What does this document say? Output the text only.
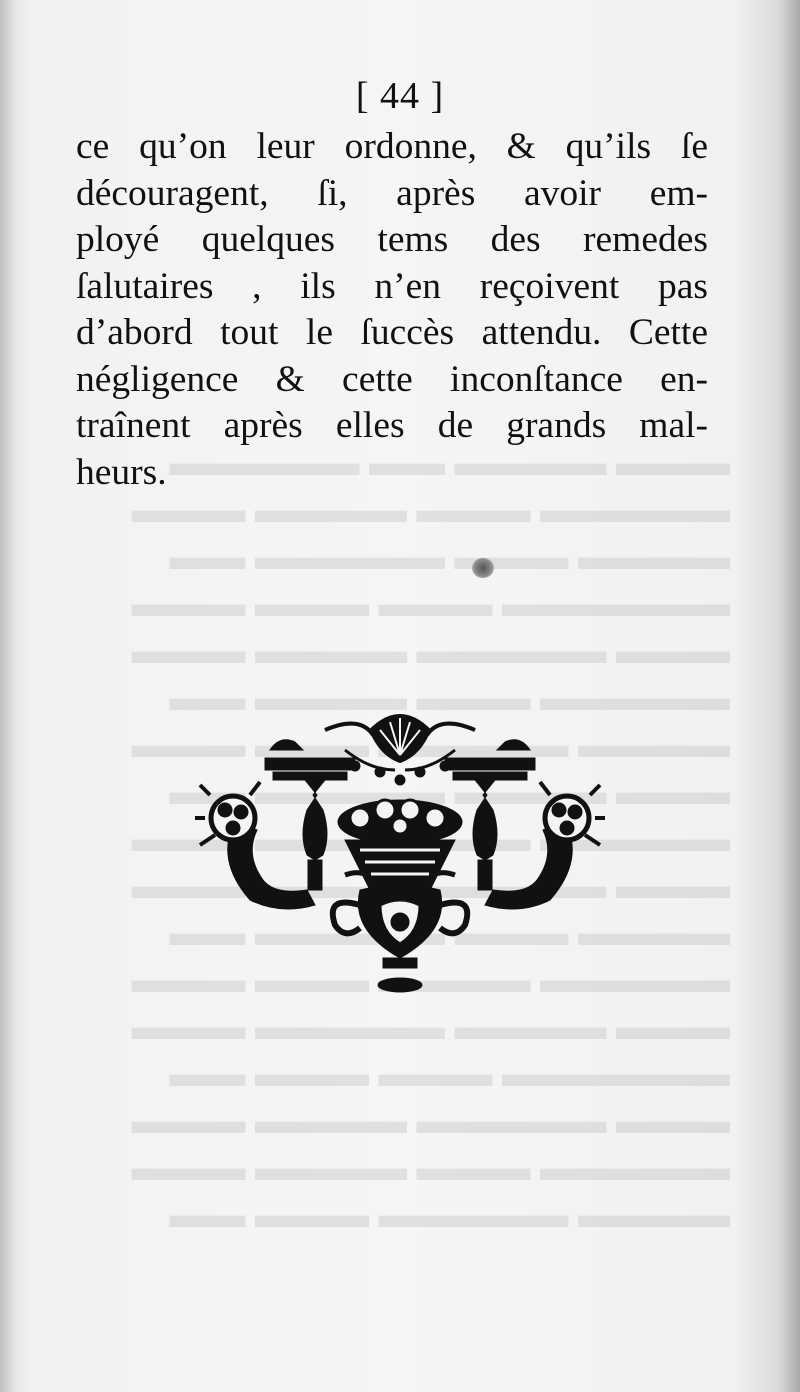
▬▬▬ ▬▬▬▬ ▬▬ ▬▬▬▬▬
▬▬▬▬▬ ▬▬▬ ▬▬▬▬ ▬▬▬
▬▬▬▬ ▬▬▬ ▬▬▬▬▬ ▬▬
▬▬▬▬▬▬ ▬▬▬ ▬▬▬ ▬▬▬
▬▬▬ ▬▬▬▬▬ ▬▬▬▬ ▬▬▬
▬▬▬▬▬ ▬▬▬ ▬▬▬▬ ▬▬
▬▬▬▬ ▬▬▬▬▬ ▬▬▬ ▬▬▬
▬▬▬ ▬▬▬▬ ▬▬▬▬▬ ▬▬
▬▬▬▬▬ ▬▬▬▬ ▬▬▬
▬▬▬ ▬▬▬
▬▬▬▬ ▬▬▬ ▬▬▬▬▬ ▬▬
▬▬▬▬▬ ▬▬▬▬ ▬▬▬ ▬▬▬
▬▬▬ ▬▬▬▬ ▬▬▬▬▬ ▬▬▬
▬▬▬▬▬▬ ▬▬▬ ▬▬▬ ▬▬
▬▬▬ ▬▬▬▬▬ ▬▬▬▬ ▬▬▬
▬▬▬▬▬ ▬▬▬ ▬▬▬▬ ▬▬▬
▬▬▬▬ ▬▬▬▬▬ ▬▬▬ ▬▬
[ 44 ]
ce qu’on leur ordonne, & qu’ils ſe
découragent, ſi, après avoir em-
ployé quelques tems des remedes
ſalutaires , ils n’en reçoivent pas
d’abord tout le ſuccès attendu. Cette
négligence & cette inconſtance en-
traînent après elles de grands mal-
heurs.
